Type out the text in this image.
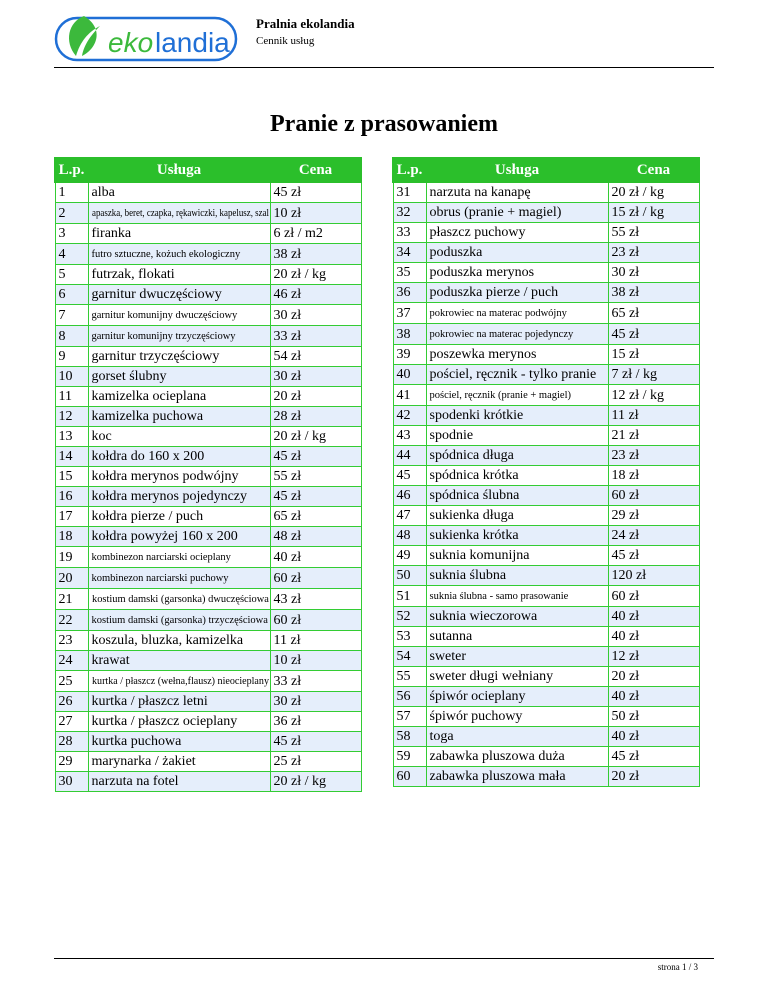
eko landia
Pralnia ekolandia
Cennik usług
Pranie z prasowaniem
L.p.	Usługa	Cena
1	alba	45 zł
2	apaszka, beret, czapka, rękawiczki, kapelusz, szal	10 zł
3	firanka	6 zł / m2
4	futro sztuczne, kożuch ekologiczny	38 zł
5	futrzak, flokati	20 zł / kg
6	garnitur dwuczęściowy	46 zł
7	garnitur komunijny dwuczęściowy	30 zł
8	garnitur komunijny trzyczęściowy	33 zł
9	garnitur trzyczęściowy	54 zł
10	gorset ślubny	30 zł
11	kamizelka ocieplana	20 zł
12	kamizelka puchowa	28 zł
13	koc	20 zł / kg
14	kołdra do 160 x 200	45 zł
15	kołdra merynos podwójny	55 zł
16	kołdra merynos pojedynczy	45 zł
17	kołdra pierze / puch	65 zł
18	kołdra powyżej 160 x 200	48 zł
19	kombinezon narciarski ocieplany	40 zł
20	kombinezon narciarski puchowy	60 zł
21	kostium damski (garsonka) dwuczęściowa	43 zł
22	kostium damski (garsonka) trzyczęściowa	60 zł
23	koszula, bluzka, kamizelka	11 zł
24	krawat	10 zł
25	kurtka / płaszcz (wełna,flausz) nieocieplany	33 zł
26	kurtka / płaszcz letni	30 zł
27	kurtka / płaszcz ocieplany	36 zł
28	kurtka puchowa	45 zł
29	marynarka / żakiet	25 zł
30	narzuta na fotel	20 zł / kg
L.p.	Usługa	Cena
31	narzuta na kanapę	20 zł / kg
32	obrus (pranie + magiel)	15 zł / kg
33	płaszcz puchowy	55 zł
34	poduszka	23 zł
35	poduszka merynos	30 zł
36	poduszka pierze / puch	38 zł
37	pokrowiec na materac podwójny	65 zł
38	pokrowiec na materac pojedynczy	45 zł
39	poszewka merynos	15 zł
40	pościel, ręcznik - tylko pranie	7 zł / kg
41	pościel, ręcznik (pranie + magiel)	12 zł / kg
42	spodenki krótkie	11 zł
43	spodnie	21 zł
44	spódnica długa	23 zł
45	spódnica krótka	18 zł
46	spódnica ślubna	60 zł
47	sukienka długa	29 zł
48	sukienka krótka	24 zł
49	suknia komunijna	45 zł
50	suknia ślubna	120 zł
51	suknia ślubna - samo prasowanie	60 zł
52	suknia wieczorowa	40 zł
53	sutanna	40 zł
54	sweter	12 zł
55	sweter długi wełniany	20 zł
56	śpiwór ocieplany	40 zł
57	śpiwór puchowy	50 zł
58	toga	40 zł
59	zabawka pluszowa duża	45 zł
60	zabawka pluszowa mała	20 zł
strona 1 / 3
